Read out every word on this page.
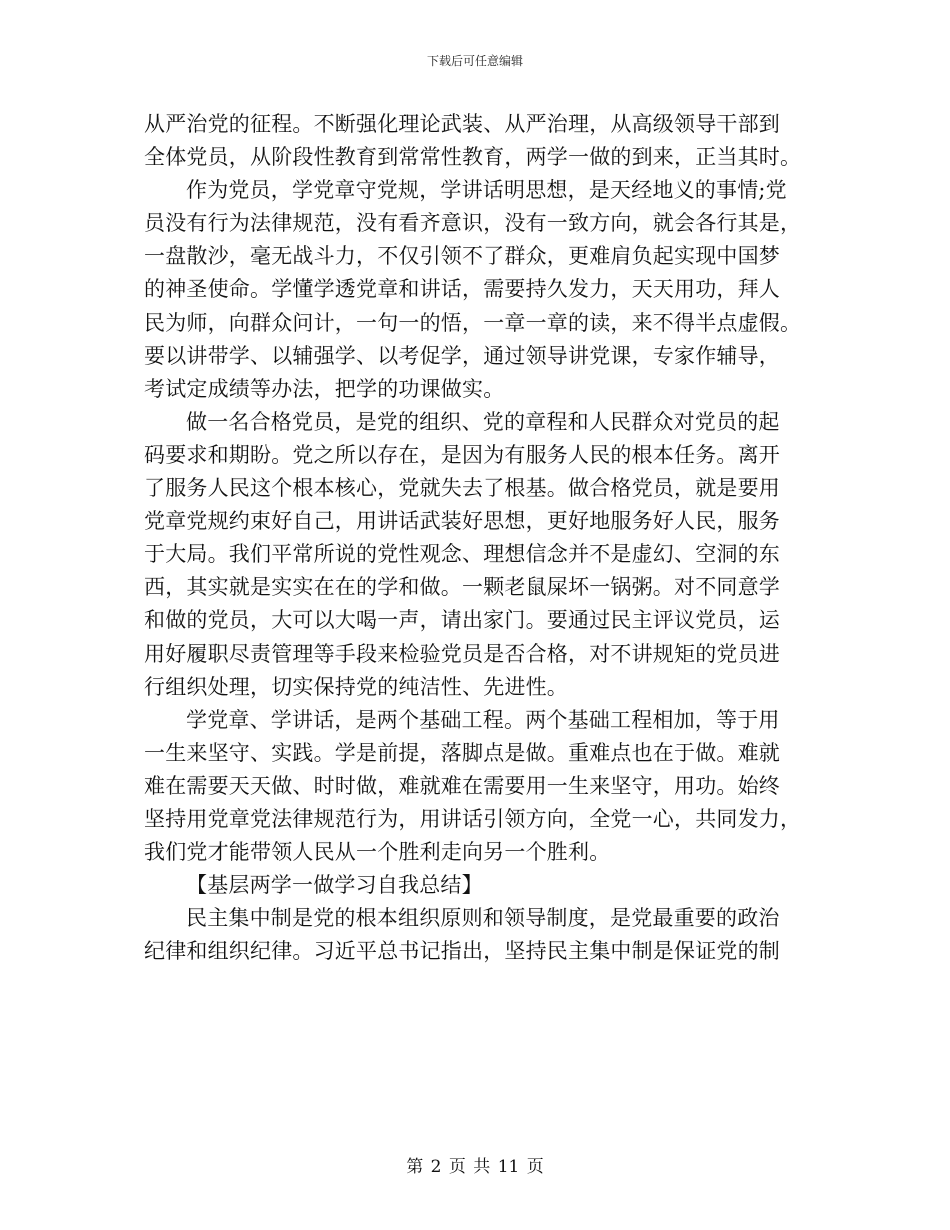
下载后可任意编辑
从严治党的征程。不断强化理论武装、从严治理，从高级领导干部到
全体党员，从阶段性教育到常常性教育，两学一做的到来，正当其时。
作为党员，学党章守党规，学讲话明思想，是天经地义的事情;党
员没有行为法律规范，没有看齐意识，没有一致方向，就会各行其是，
一盘散沙，毫无战斗力，不仅引领不了群众，更难肩负起实现中国梦
的神圣使命。学懂学透党章和讲话，需要持久发力，天天用功，拜人
民为师，向群众问计，一句一的悟，一章一章的读，来不得半点虚假。
要以讲带学、以辅强学、以考促学，通过领导讲党课，专家作辅导，
考试定成绩等办法，把学的功课做实。
做一名合格党员，是党的组织、党的章程和人民群众对党员的起
码要求和期盼。党之所以存在，是因为有服务人民的根本任务。离开
了服务人民这个根本核心，党就失去了根基。做合格党员，就是要用
党章党规约束好自己，用讲话武装好思想，更好地服务好人民，服务
于大局。我们平常所说的党性观念、理想信念并不是虚幻、空洞的东
西，其实就是实实在在的学和做。一颗老鼠屎坏一锅粥。对不同意学
和做的党员，大可以大喝一声，请出家门。要通过民主评议党员，运
用好履职尽责管理等手段来检验党员是否合格，对不讲规矩的党员进
行组织处理，切实保持党的纯洁性、先进性。
学党章、学讲话，是两个基础工程。两个基础工程相加，等于用
一生来坚守、实践。学是前提，落脚点是做。重难点也在于做。难就
难在需要天天做、时时做，难就难在需要用一生来坚守，用功。始终
坚持用党章党法律规范行为，用讲话引领方向，全党一心，共同发力，
我们党才能带领人民从一个胜利走向另一个胜利。
【基层两学一做学习自我总结】
民主集中制是党的根本组织原则和领导制度，是党最重要的政治
纪律和组织纪律。习近平总书记指出，坚持民主集中制是保证党的制
第 2 页 共 11 页
